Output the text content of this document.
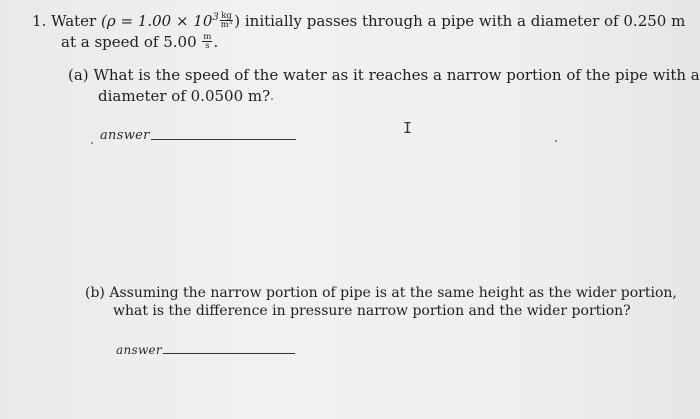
1. Water ($\rho = 1.00 \times 10^3 \frac{kg}{\text{m³}}$ ) initially passes through a pipe with a diameter of 0.250 m
at a speed of $5.00 \frac{m}{s}$ .
(a) What is the speed of the water as it reaches a narrow portion of the pipe with a
diameter of 0.0500 m?
answer	I
(b) Assuming the narrow portion of pipe is at the same height as the wider portion,
what is the difference in pressure narrow portion and the wider portion?
answer
